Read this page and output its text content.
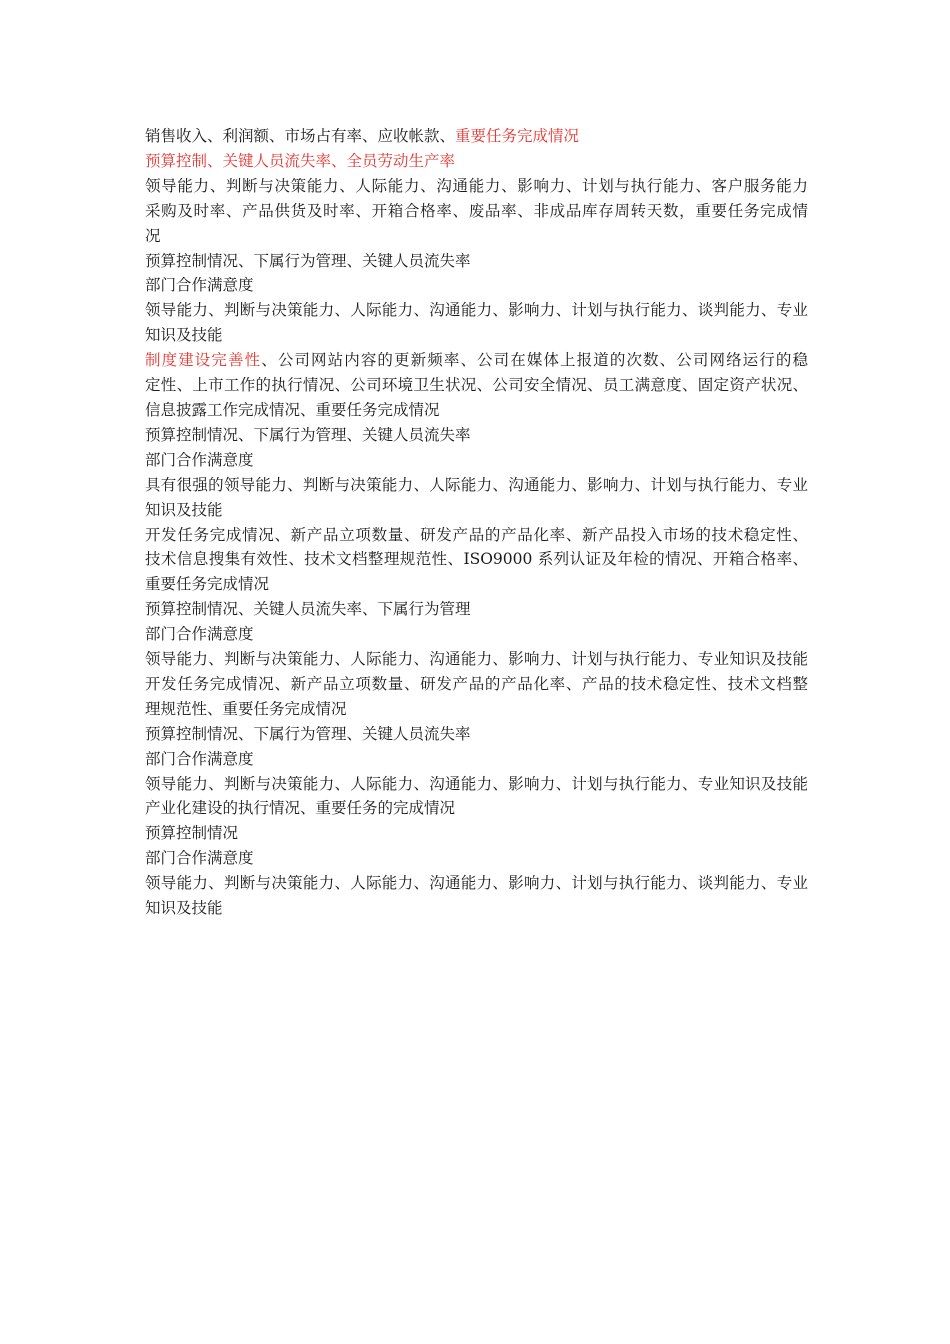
销售收入、利润额、市场占有率、应收帐款、重要任务完成情况
预算控制、关键人员流失率、全员劳动生产率
领导能力、判断与决策能力、人际能力、沟通能力、影响力、计划与执行能力、客户服务能力
采购及时率、产品供货及时率、开箱合格率、废品率、非成品库存周转天数，重要任务完成情
况
预算控制情况、下属行为管理、关键人员流失率
部门合作满意度
领导能力、判断与决策能力、人际能力、沟通能力、影响力、计划与执行能力、谈判能力、专业
知识及技能
制度建设完善性、公司网站内容的更新频率、公司在媒体上报道的次数、公司网络运行的稳
定性、上市工作的执行情况、公司环境卫生状况、公司安全情况、员工满意度、固定资产状况、
信息披露工作完成情况、重要任务完成情况
预算控制情况、下属行为管理、关键人员流失率
部门合作满意度
具有很强的领导能力、判断与决策能力、人际能力、沟通能力、影响力、计划与执行能力、专业
知识及技能
开发任务完成情况、新产品立项数量、研发产品的产品化率、新产品投入市场的技术稳定性、
技术信息搜集有效性、技术文档整理规范性、ISO9000 系列认证及年检的情况、开箱合格率、
重要任务完成情况
预算控制情况、关键人员流失率、下属行为管理
部门合作满意度
领导能力、判断与决策能力、人际能力、沟通能力、影响力、计划与执行能力、专业知识及技能
开发任务完成情况、新产品立项数量、研发产品的产品化率、产品的技术稳定性、技术文档整
理规范性、重要任务完成情况
预算控制情况、下属行为管理、关键人员流失率
部门合作满意度
领导能力、判断与决策能力、人际能力、沟通能力、影响力、计划与执行能力、专业知识及技能
产业化建设的执行情况、重要任务的完成情况
预算控制情况
部门合作满意度
领导能力、判断与决策能力、人际能力、沟通能力、影响力、计划与执行能力、谈判能力、专业
知识及技能
